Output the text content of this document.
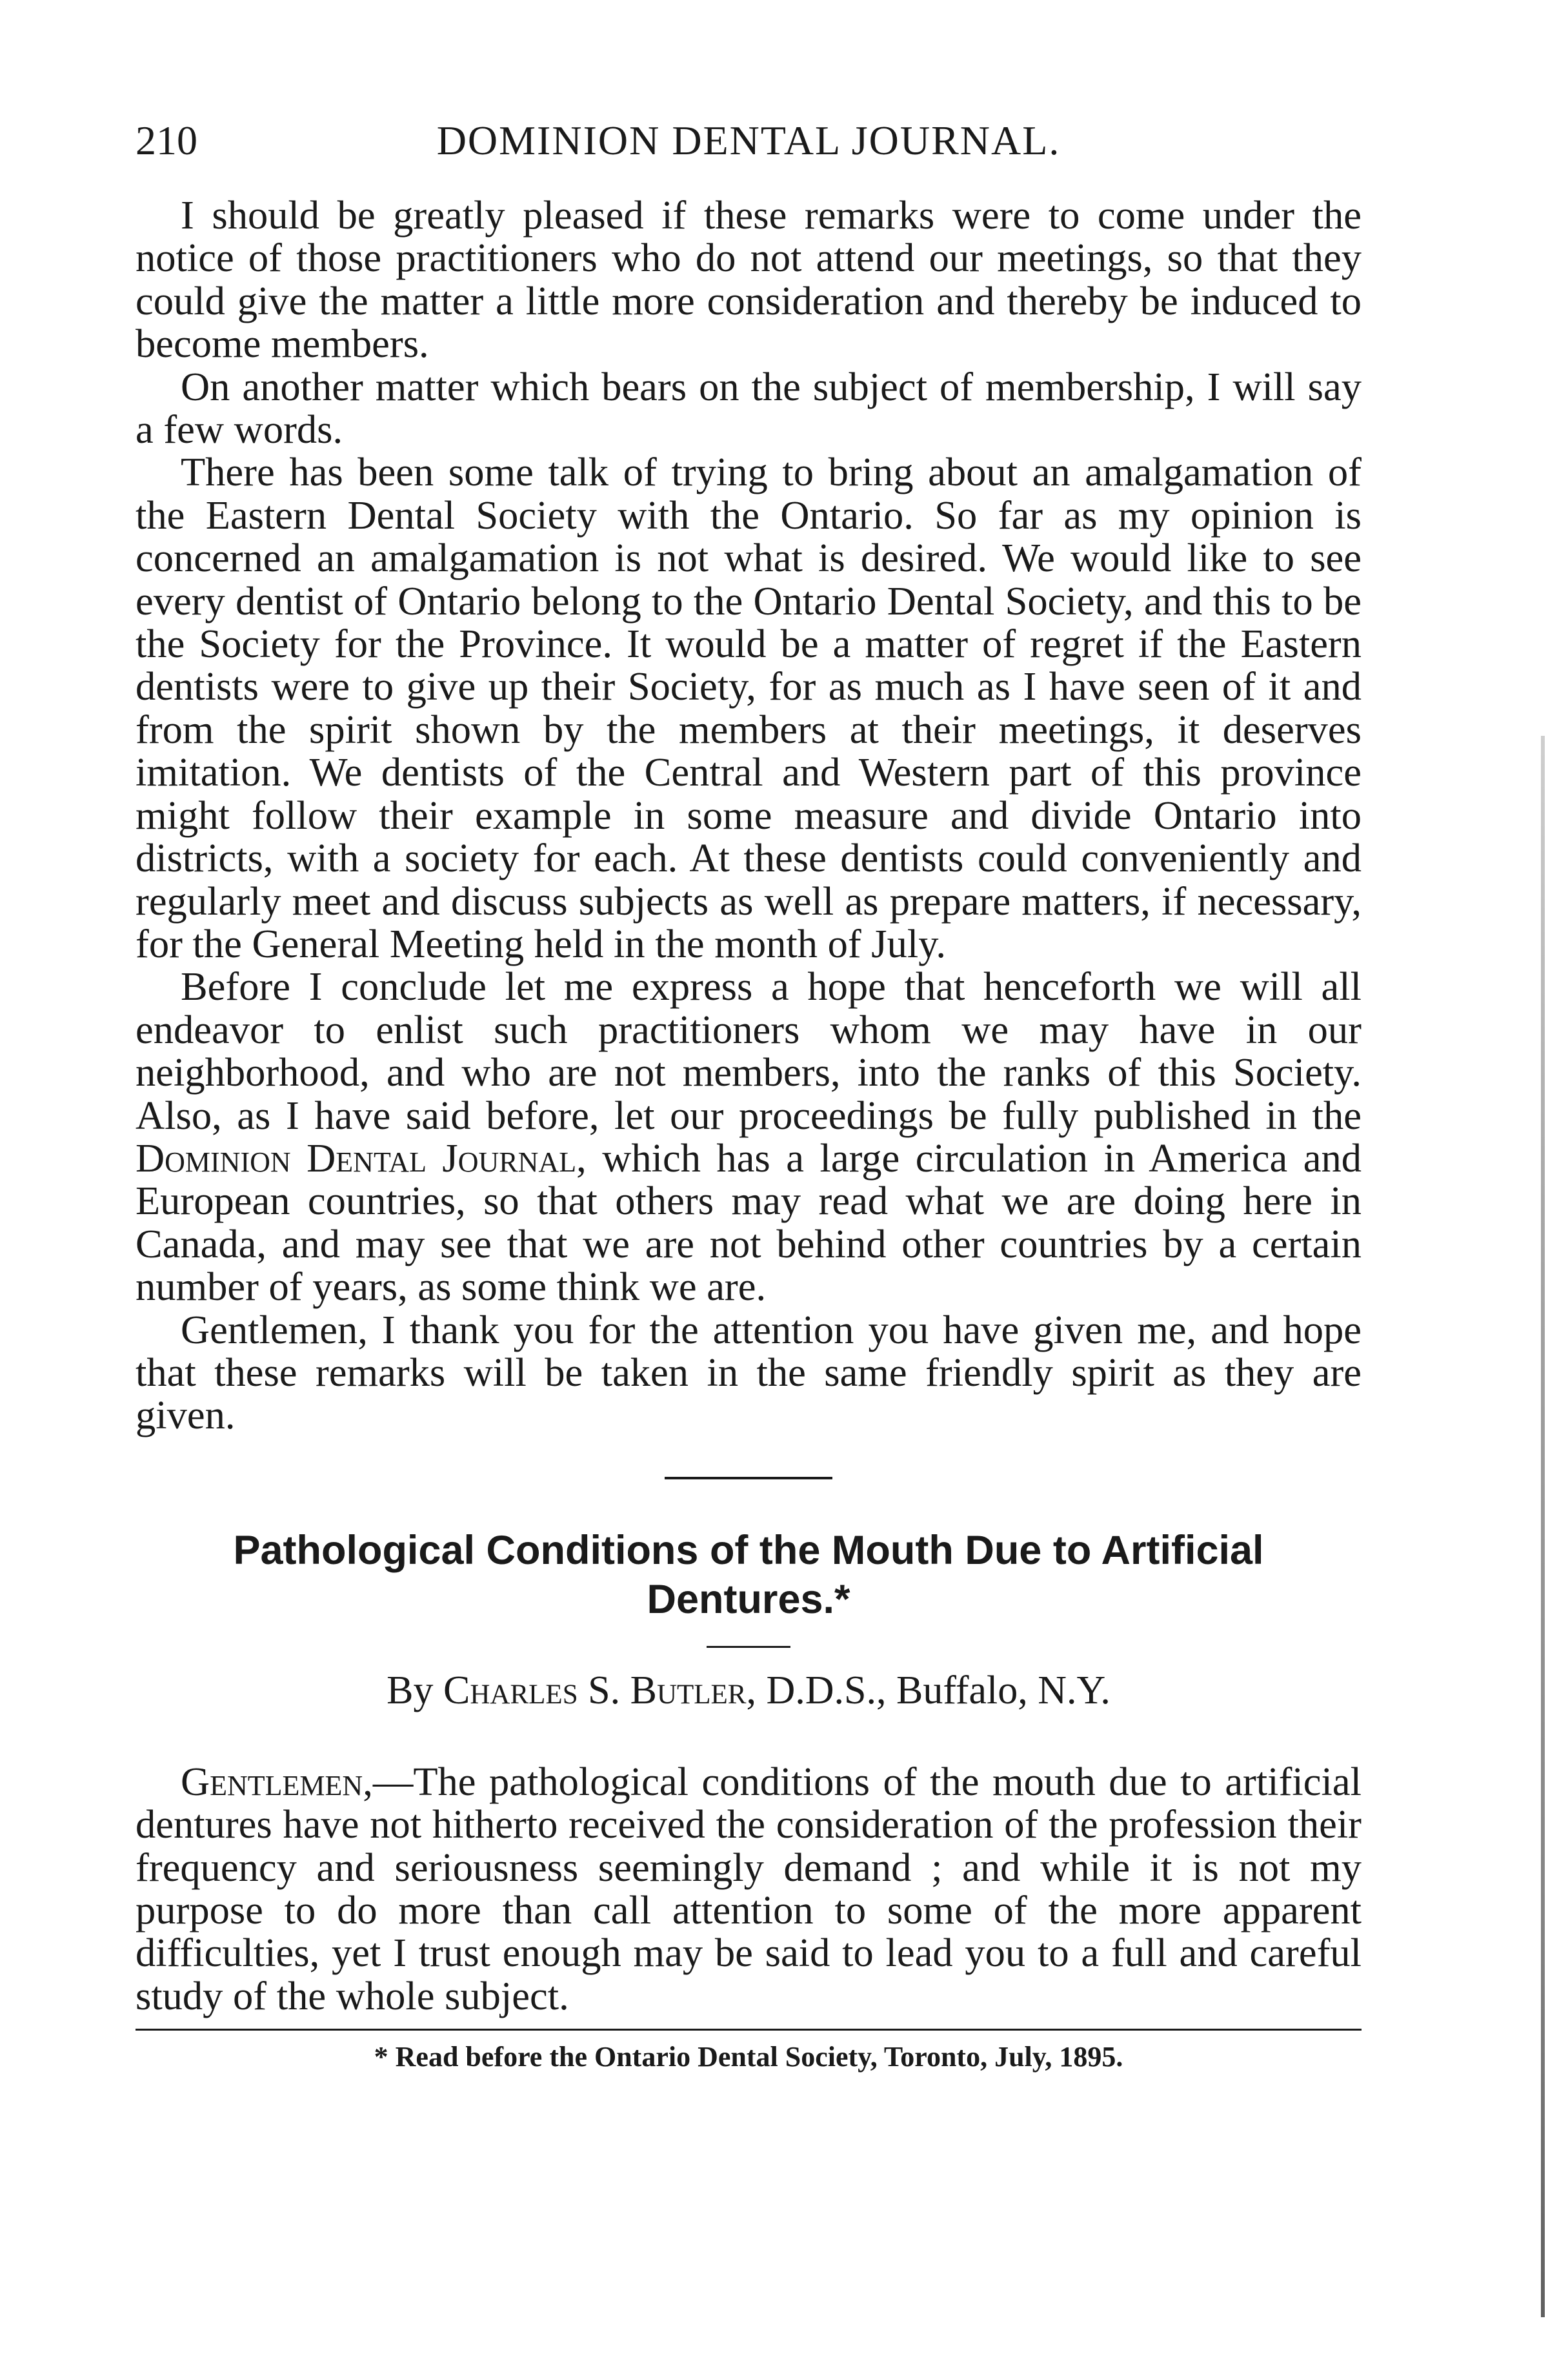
210	DOMINION DENTAL JOURNAL.

I should be greatly pleased if these remarks were to come under the notice of those practitioners who do not attend our meetings, so that they could give the matter a little more consideration and thereby be induced to become members.

On another matter which bears on the subject of membership, I will say a few words.

There has been some talk of trying to bring about an amalgamation of the Eastern Dental Society with the Ontario. So far as my opinion is concerned an amalgamation is not what is desired. We would like to see every dentist of Ontario belong to the Ontario Dental Society, and this to be the Society for the Province. It would be a matter of regret if the Eastern dentists were to give up their Society, for as much as I have seen of it and from the spirit shown by the members at their meetings, it deserves imitation. We dentists of the Central and Western part of this province might follow their example in some measure and divide Ontario into districts, with a society for each. At these dentists could conveniently and regularly meet and discuss subjects as well as prepare matters, if necessary, for the General Meeting held in the month of July.

Before I conclude let me express a hope that henceforth we will all endeavor to enlist such practitioners whom we may have in our neighborhood, and who are not members, into the ranks of this Society. Also, as I have said before, let our proceedings be fully published in the Dominion Dental Journal, which has a large circulation in America and European countries, so that others may read what we are doing here in Canada, and may see that we are not behind other countries by a certain number of years, as some think we are.

Gentlemen, I thank you for the attention you have given me, and hope that these remarks will be taken in the same friendly spirit as they are given.

Pathological Conditions of the Mouth Due to Artificial
Dentures.*

By Charles S. Butler, D.D.S., Buffalo, N.Y.

Gentlemen,—The pathological conditions of the mouth due to artificial dentures have not hitherto received the consideration of the profession their frequency and seriousness seemingly demand ; and while it is not my purpose to do more than call attention to some of the more apparent difficulties, yet I trust enough may be said to lead you to a full and careful study of the whole subject.

* Read before the Ontario Dental Society, Toronto, July, 1895.
